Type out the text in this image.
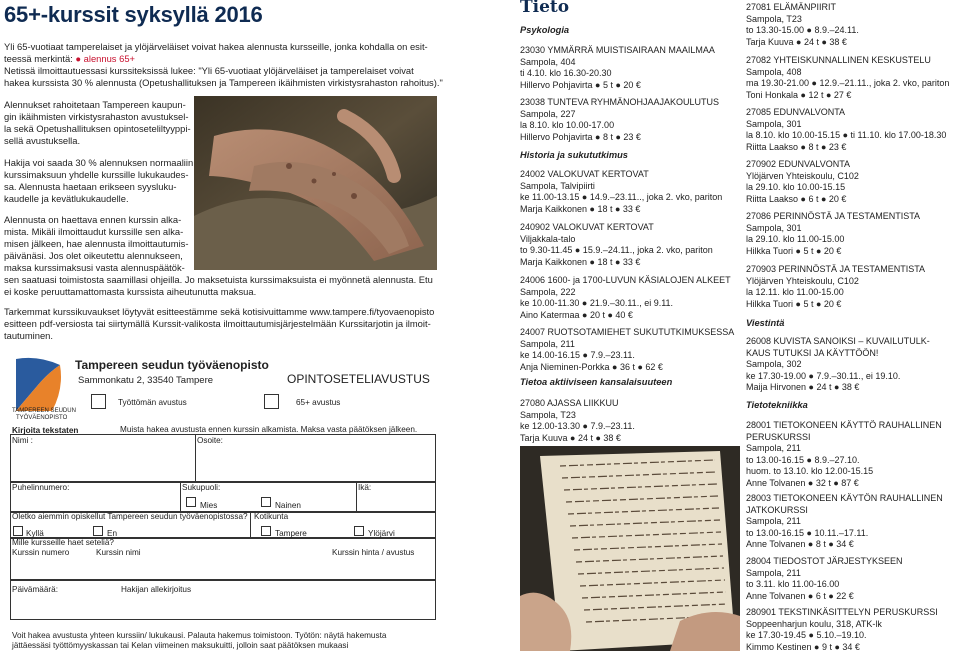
65+-kurssit syksyllä 2016
Yli 65-vuotiaat tamperelaiset ja ylöjärveläiset voivat hakea alennusta kursseille, jonka kohdalla on esit-
teessä merkintä: ● alennus 65+
Netissä ilmoittautuessasi kurssiteksissä lukee: "Yli 65-vuotiaat ylöjärveläiset ja tamperelaiset voivat
hakea kurssista 30 % alennusta (Opetushallituksen ja Tampereen ikäihmisten virkistysrahaston rahoitus)."
Alennukset rahoitetaan Tampereen kaupun-
gin ikäihmisten virkistysrahaston avustuksel-
la sekä Opetushallituksen opintoseteliltyyppi-
sellä avustuksella.
Hakija voi saada 30 % alennuksen normaaliin
kurssimaksuun yhdelle kurssille lukukaudes-
sa. Alennusta haetaan erikseen syysluku-
kaudelle ja kevätlukukaudelle.
Alennusta on haettava ennen kurssin alka-
mista. Mikäli ilmoittaudut kurssille sen alka-
misen jälkeen, hae alennusta ilmoittautumis-
päivänäsi. Jos olet oikeutettu alennukseen,
maksa kurssimaksusi vasta alennuspäätök-
sen saatuasi toimistosta saamillasi ohjeilla. Jo maksetuista kurssimaksuista ei myönnetä alennusta. Etu
ei koske peruuttamattomasta kurssista aiheutunutta maksua.
Tarkemmat kurssikuvaukset löytyvät esitteestämme sekä kotisivuittamme www.tampere.fi/tyovaenopisto
esitteen pdf-versiosta tai siirtymällä Kurssit-valikosta ilmoittautumisjärjestelmään Kurssitarjotin ja ilmoit-
tautuminen.
TAMPEREEN SEUDUN
TYÖVÄENOPISTO
Tampereen seudun työväenopisto
Sammonkatu 2, 33540 Tampere	OPINTOSETELIAVUSTUS
Työttömän avustus	65+ avustus
Kirjoita tekstaten	Muista hakea avustusta ennen kurssin alkamista. Maksa vasta päätöksen jälkeen.
Nimi :	Osoite:
Puhelinnumero:	Sukupuoli:	Ikä:
Mies	Nainen
Oletko aiemmin opiskellut Tampereen seudun työväenopistossa? Kotikunta
Kyllä	En	Tampere	Ylöjärvi
Mille kursseille haet seteliä?
Kurssin numero	Kurssin nimi	Kurssin hinta / avustus
Päivämäärä:	Hakijan allekirjoitus
Voit hakea avustusta yhteen kurssiin/ lukukausi. Palauta hakemus toimistoon. Työtön: näytä hakemusta
jättäessäsi työttömyyskassan tai Kelan viimeinen maksukuitti, jolloin saat päätöksen mukaasi
Tieto
Psykologia
23030 YMMÄRRÄ MUISTISAIRAAN MAAILMAA
Sampola, 404
ti 4.10. klo 16.30-20.30
Hillervo Pohjavirta ● 5 t ● 20 €
23038 TUNTEVA RYHMÄNOHJAAJAKOULUTUS
Sampola, 227
la 8.10. klo 10.00-17.00
Hillervo Pohjavirta ● 8 t ● 23 €
Historia ja sukututkimus
24002 VALOKUVAT KERTOVAT
Sampola, Talvipiirti
ke 11.00-13.15 ● 14.9.–23.11.., joka 2. vko, pariton
Marja Kaikkonen ● 18 t ● 33 €
240902 VALOKUVAT KERTOVAT
Viljakkala-talo
to 9.30-11.45 ● 15.9.–24.11., joka 2. vko, pariton
Marja Kaikkonen ● 18 t ● 33 €
24006 1600- ja 1700-LUVUN KÄSIALOJEN ALKEET
Sampola, 222
ke 10.00-11.30 ● 21.9.–30.11., ei 9.11.
Aino Katermaa ● 20 t ● 40 €
24007 RUOTSOTAMIEHET SUKUTUTKIMUKSESSA
Sampola, 211
ke 14.00-16.15 ● 7.9.–23.11.
Anja Nieminen-Porkka ● 36 t ● 62 €
Tietoa aktiiviseen kansalaisuuteen
27080 AJASSA LIIKKUU
Sampola, T23
ke 12.00-13.30 ● 7.9.–23.11.
Tarja Kuuva ● 24 t ● 38 €
27081 ELÄMÄNPIIRIT
Sampola, T23
to 13.30-15.00 ● 8.9.–24.11.
Tarja Kuuva ● 24 t ● 38 €
27082 YHTEISKUNNALLINEN KESKUSTELU
Sampola, 408
ma 19.30-21.00 ● 12.9.–21.11., joka 2. vko, pariton
Toni Honkala ● 12 t ● 27 €
27085 EDUNVALVONTA
Sampola, 301
la 8.10. klo 10.00-15.15 ● ti 11.10. klo 17.00-18.30
Riitta Laakso ● 8 t ● 23 €
270902 EDUNVALVONTA
Ylöjärven Yhteiskoulu, C102
la 29.10. klo 10.00-15.15
Riitta Laakso ● 6 t ● 20 €
27086 PERINNÖSTÄ JA TESTAMENTISTA
Sampola, 301
la 29.10. klo 11.00-15.00
Hilkka Tuori ● 5 t ● 20 €
270903 PERINNÖSTÄ JA TESTAMENTISTA
Ylöjärven Yhteiskoulu, C102
la 12.11. klo 11.00-15.00
Hilkka Tuori ● 5 t ● 20 €
Viestintä
26008 KUVISTA SANOIKSI – KUVAILUTULK-
KAUS TUTUKSI JA KÄYTTÖÖN!
Sampola, 302
ke 17.30-19.00 ● 7.9.–30.11., ei 19.10.
Maija Hirvonen ● 24 t ● 38 €
Tietotekniikka
28001 TIETOKONEEN KÄYTTÖ RAUHALLINEN
PERUSKURSSI
Sampola, 211
to 13.00-16.15 ● 8.9.–27.10.
huom. to 13.10. klo 12.00-15.15
Anne Tolvanen ● 32 t ● 87 €
28003 TIETOKONEEN KÄYTÖN RAUHALLINEN
JATKOKURSSI
Sampola, 211
to 13.00-16.15 ● 10.11.–17.11.
Anne Tolvanen ● 8 t ● 34 €
28004 TIEDOSTOT JÄRJESTYKSEEN
Sampola, 211
to 3.11. klo 11.00-16.00
Anne Tolvanen ● 6 t ● 22 €
280901 TEKSTINKÄSITTELYN PERUSKURSSI
Soppeenharjun koulu, 318, ATK-lk
ke 17.30-19.45 ● 5.10.–19.10.
Kimmo Kestinen ● 9 t ● 34 €
